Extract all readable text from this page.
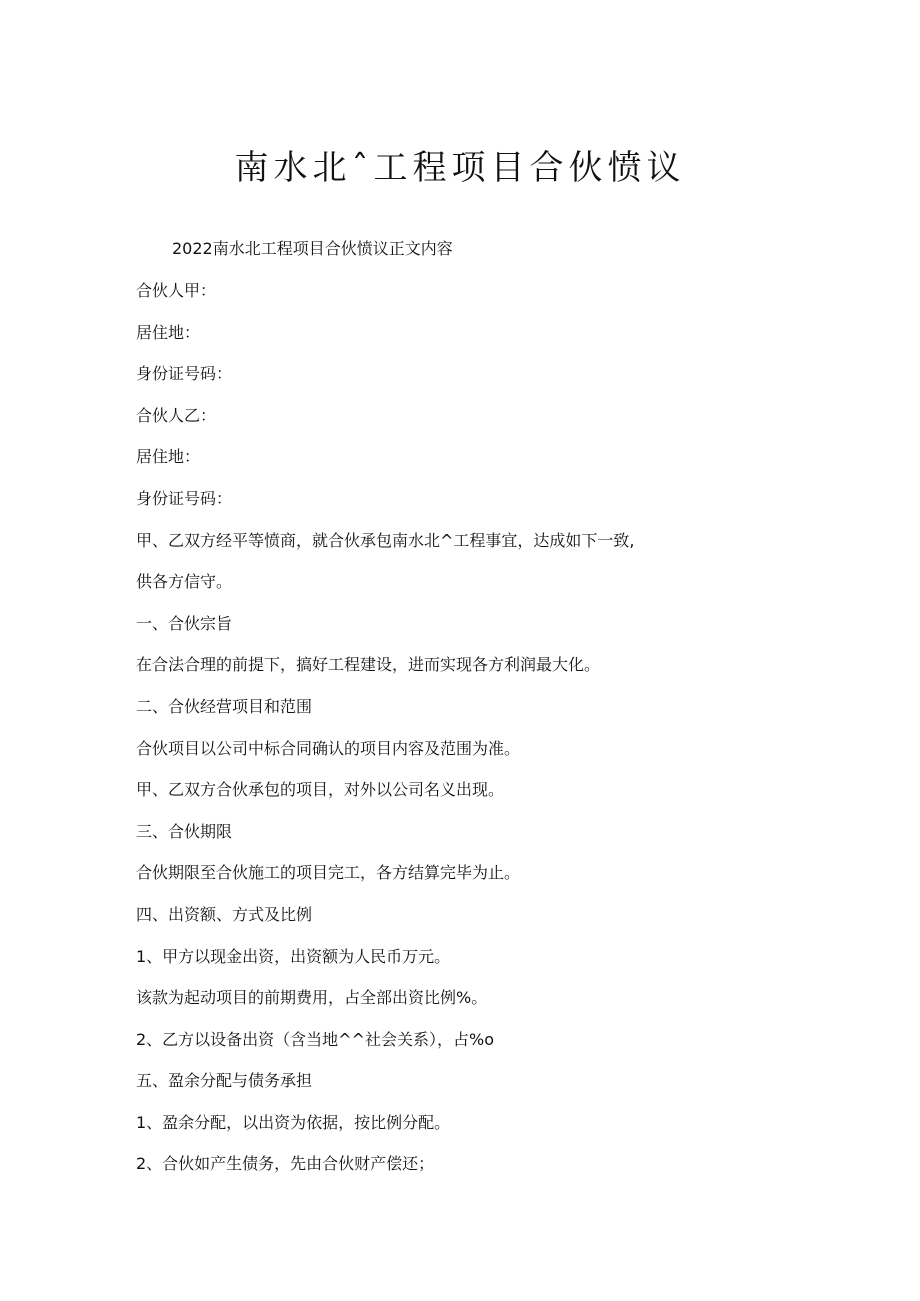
南水北ˆ工程项目合伙愤议

2022南水北工程项目合伙愤议正文内容

合伙人甲：
居住地：
身份证号码：
合伙人乙：
居住地：
身份证号码：
甲、乙双方经平等愤商，就合伙承包南水北^工程事宜，达成如下一致,
供各方信守。
一、合伙宗旨
在合法合理的前提下，搞好工程建设，进而实现各方利润最大化。
二、合伙经营项目和范围
合伙项目以公司中标合同确认的项目内容及范围为准。
甲、乙双方合伙承包的项目，对外以公司名义出现。
三、合伙期限
合伙期限至合伙施工的项目完工，各方结算完毕为止。
四、出资额、方式及比例
1、甲方以现金出资，出资额为人民币万元。
该款为起动项目的前期费用，占全部出资比例%。
2、乙方以设备出资（含当地^^社会关系），占%o
五、盈余分配与债务承担
1、盈余分配，以出资为依据，按比例分配。
2、合伙如产生债务，先由合伙财产偿还；
